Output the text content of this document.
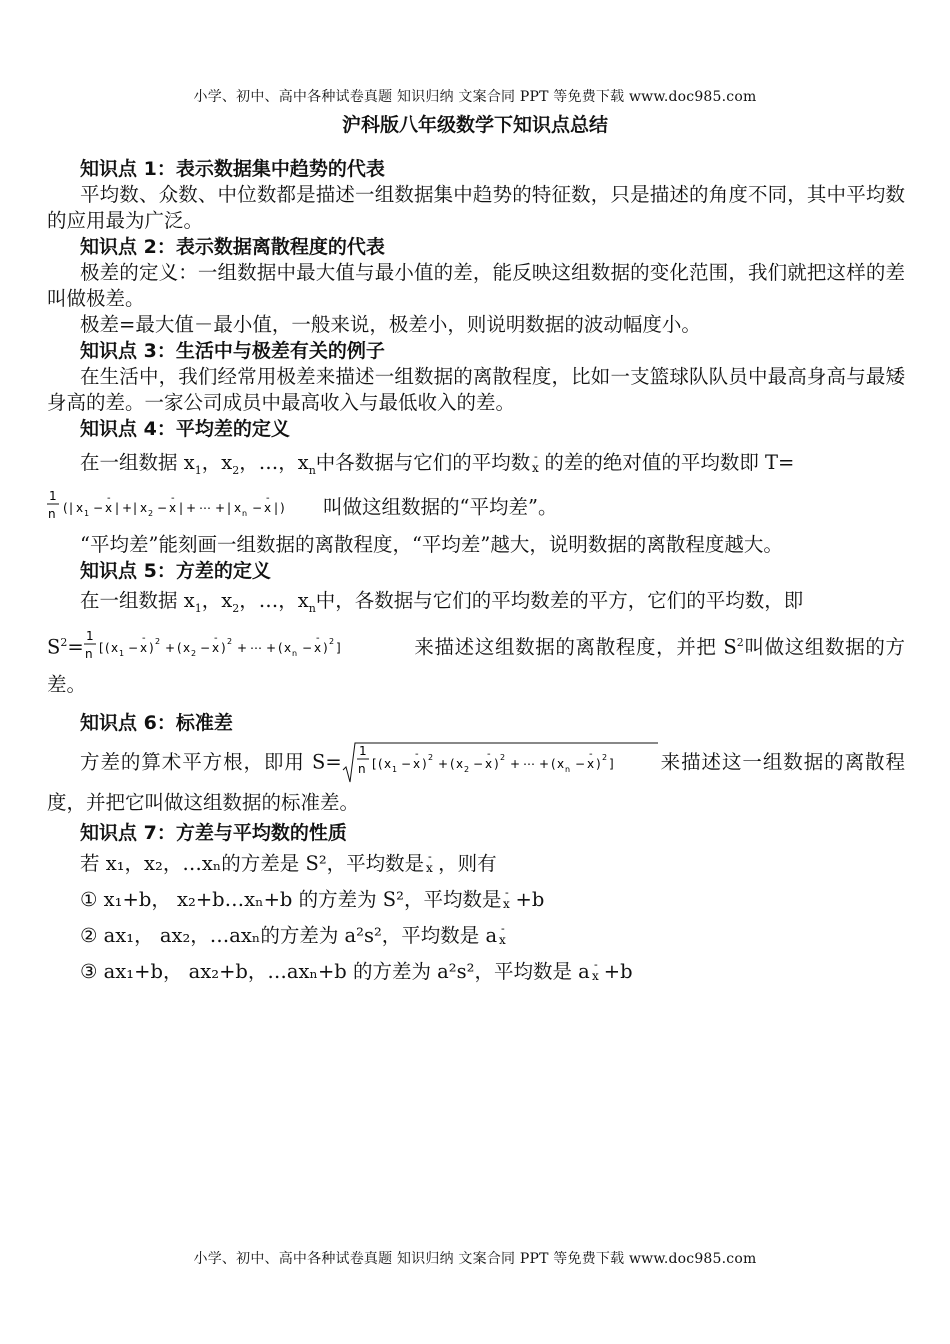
小学、初中、高中各种试卷真题 知识归纳 文案合同 PPT 等免费下载 www.doc985.com
沪科版八年级数学下知识点总结
知识点 1：表示数据集中趋势的代表
平均数、众数、中位数都是描述一组数据集中趋势的特征数，只是描述的角度不同，其中平均数的应用最为广泛。
知识点 2：表示数据离散程度的代表
极差的定义：一组数据中最大值与最小值的差，能反映这组数据的变化范围，我们就把这样的差叫做极差。
极差=最大值－最小值，一般来说，极差小，则说明数据的波动幅度小。
知识点 3：生活中与极差有关的例子
在生活中，我们经常用极差来描述一组数据的离散程度，比如一支篮球队队员中最高身高与最矮身高的差。一家公司成员中最高收入与最低收入的差。
知识点 4：平均差的定义
在一组数据 $x_1$，$x_2$，…，$x_n$中各数据与它们的平均数 -
x 的差的绝对值的平均数即 T=

1
n ( | x 1 −
-
x | + | x 2 −
-
x | + ⋯ + | x n −
-
x | ) 叫做这组数据的“平均差”。
“平均差”能刻画一组数据的离散程度，“平均差”越大，说明数据的离散程度越大。
知识点 5：方差的定义
在一组数据 $x_1$，$x_2$，…，$x_n$中，各数据与它们的平均数差的平方，它们的平均数，即
$S^2= 1$
n [ ( x 1 −
-
x ) 2 + ( x 2 −
-
x ) 2 + ⋯ + ( x n −
-
x ) 2 ]	来描述这组数据的离散程度，并把 $S^2$叫做这组数据的方差。
知识点 6：标准差
方差的算术平方根，即用 S= 1
n [ ( x 1 −
-
x ) 2 + ( x 2 −
-
x ) 2 + ⋯ + ( x n −
-
x ) 2 ] 来描述这一组数据的离散程度，并把它叫做这组数据的标准差。
知识点 7：方差与平均数的性质
若 x₁，x₂，…xₙ的方差是 S²，平均数是 -
x ，则有
① x₁+b， x₂+b…xₙ+b 的方差为 S²，平均数是 -
x +b
② ax₁， ax₂，…axₙ的方差为 a²s²，平均数是 a -
x
③ ax₁+b， ax₂+b，…axₙ+b 的方差为 a²s²，平均数是 a -
x +b
小学、初中、高中各种试卷真题 知识归纳 文案合同 PPT 等免费下载 www.doc985.com
